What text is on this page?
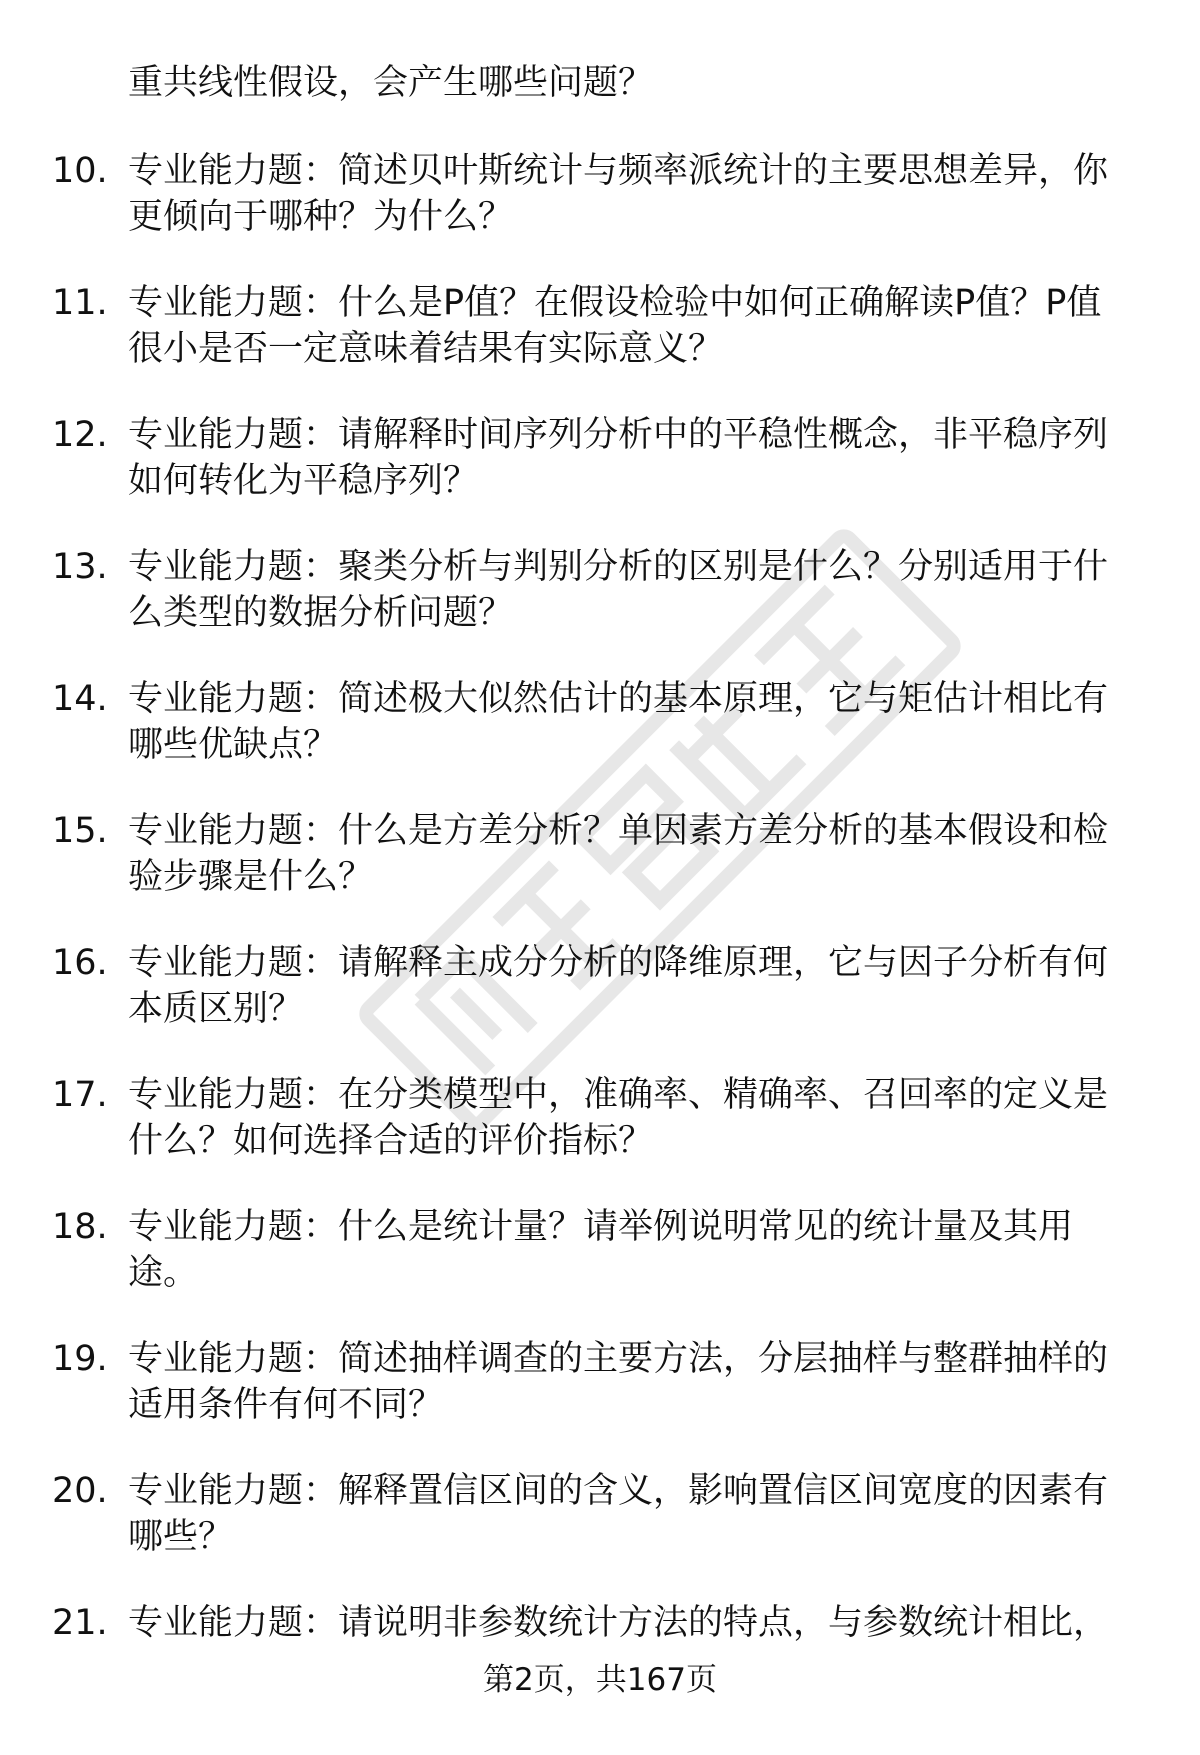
重共线性假设，会产生哪些问题？
10. 专业能力题：简述贝叶斯统计与频率派统计的主要思想差异，你
更倾向于哪种？为什么？
11. 专业能力题：什么是P值？在假设检验中如何正确解读P值？P值
很小是否一定意味着结果有实际意义？
12. 专业能力题：请解释时间序列分析中的平稳性概念，非平稳序列
如何转化为平稳序列？
13. 专业能力题：聚类分析与判别分析的区别是什么？分别适用于什
么类型的数据分析问题？
14. 专业能力题：简述极大似然估计的基本原理，它与矩估计相比有
哪些优缺点？
15. 专业能力题：什么是方差分析？单因素方差分析的基本假设和检
验步骤是什么？
16. 专业能力题：请解释主成分分析的降维原理，它与因子分析有何
本质区别？
17. 专业能力题：在分类模型中，准确率、精确率、召回率的定义是
什么？如何选择合适的评价指标？
18. 专业能力题：什么是统计量？请举例说明常见的统计量及其用
途。
19. 专业能力题：简述抽样调查的主要方法，分层抽样与整群抽样的
适用条件有何不同？
20. 专业能力题：解释置信区间的含义，影响置信区间宽度的因素有
哪些？
21. 专业能力题：请说明非参数统计方法的特点，与参数统计相比，
第2页，共167页
